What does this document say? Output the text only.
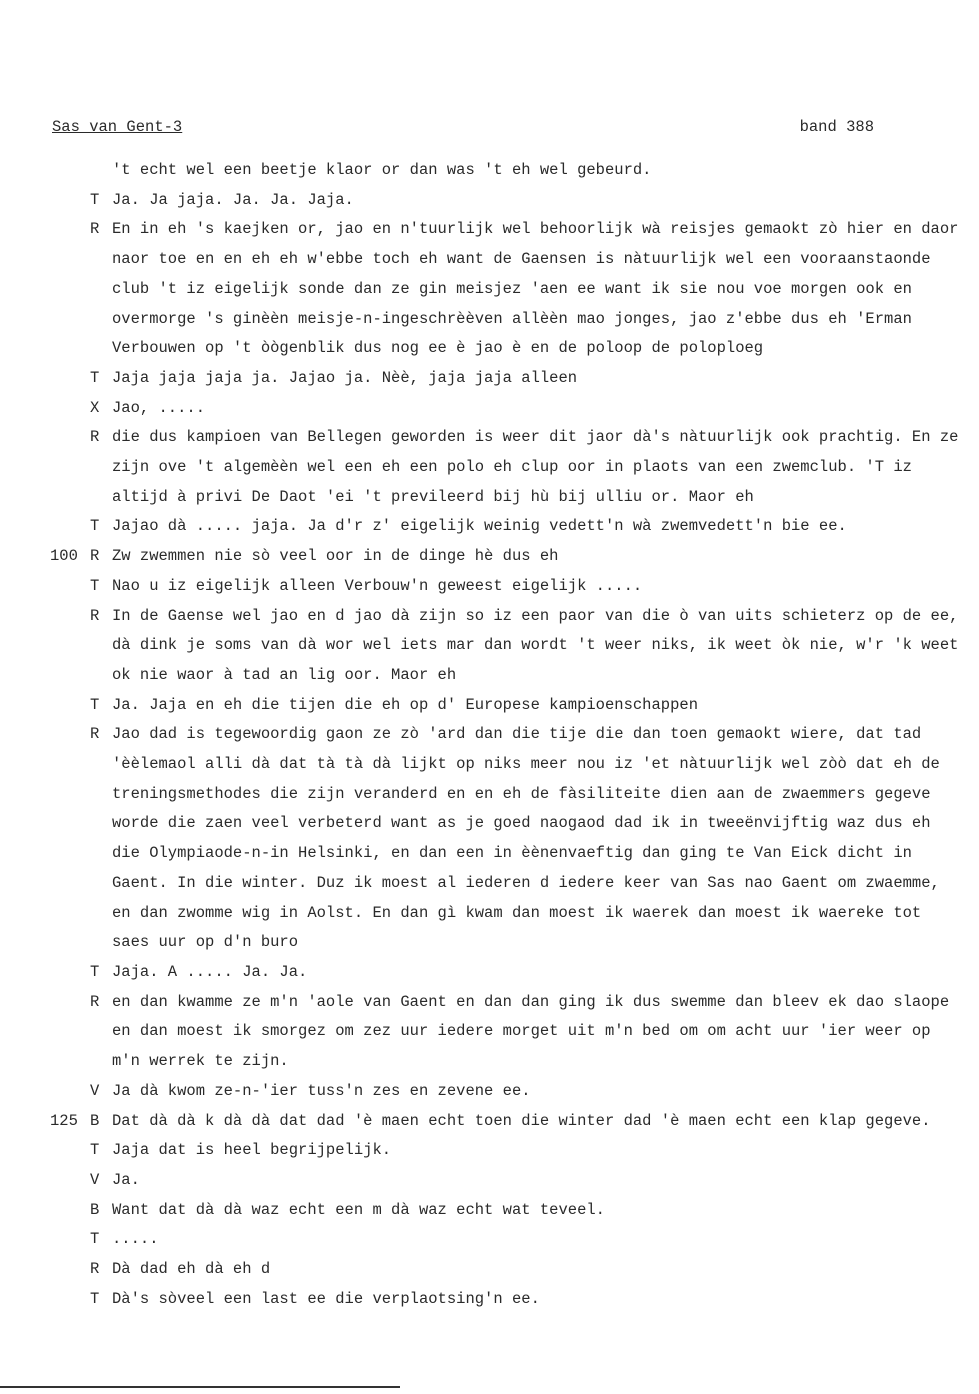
Sas van Gent-3	band 388
't echt wel een beetje klaor or dan was 't eh wel gebeurd.
T Ja. Ja jaja. Ja. Ja. Jaja.
R En in eh 's kaejken or, jao en n'tuurlijk wel behoorlijk wà reisjes gemaokt zò hier en daor naor toe en en eh eh w'ebbe toch eh want de Gaensen is nàtuurlijk wel een vooraanstaonde club 't iz eigelijk sonde dan ze gin meisjez 'aen ee want ik sie nou voe morgen ook en overmorge 's ginèèn meisje-n-ingeschrèèven allèèn mao jonges, jao z'ebbe dus eh 'Erman Verbouwen op 't òògenblik dus nog ee è jao è en de poloop de poloploeg
T Jaja jaja jaja ja. Jajao ja. Nèè, jaja jaja alleen
X Jao, .....
R die dus kampioen van Bellegen geworden is weer dit jaor dà's nàtuurlijk ook prachtig. En ze zijn ove 't algemèèn wel een eh een polo eh clup oor in plaots van een zwemclub. 'T iz altijd à privi De Daot 'ei 't previleerd bij hù bij ulliu or. Maor eh
T Jajao dà ..... jaja. Ja d'r z' eigelijk weinig vedett'n wà zwemvedett'n bie ee.
100 R Zw zwemmen nie sò veel oor in de dinge hè dus eh
T Nao u iz eigelijk alleen Verbouw'n geweest eigelijk .....
R In de Gaense wel jao en d jao dà zijn so iz een paor van die ò van uits schieterz op de ee, dà dink je soms van dà wor wel iets mar dan wordt 't weer niks, ik weet òk nie, w'r 'k weet ok nie waor à tad an lig oor. Maor eh
T Ja. Jaja en eh die tijen die eh op d' Europese kampioenschappen
R Jao dad is tegewoordig gaon ze zò 'ard dan die tije die dan toen gemaokt wiere, dat tad 'èèlemaol alli dà dat tà tà dà lijkt op niks meer nou iz 'et nàtuurlijk wel zòò dat eh de treningsmethodes die zijn veranderd en en eh de fàsiliteite dien aan de zwaemmers gegeve worde die zaen veel verbeterd want as je goed naogaod dad ik in tweeënvijftig waz dus eh die Olympiaode-n-in Helsinki, en dan een in èènenvaeftig dan ging te Van Eick dicht in Gaent. In die winter. Duz ik moest al iederen d iedere keer van Sas nao Gaent om zwaemme, en dan zwomme wig in Aolst. En dan gì kwam dan moest ik waerek dan moest ik waereke tot saes uur op d'n buro
T Jaja. A ..... Ja. Ja.
R en dan kwamme ze m'n 'aole van Gaent en dan dan ging ik dus swemme dan bleev ek dao slaope en dan moest ik smorgez om zez uur iedere morget uit m'n bed om om acht uur 'ier weer op m'n werrek te zijn.
V Ja dà kwom ze-n-'ier tuss'n zes en zevene ee.
125 B Dat dà dà k dà dà dat dad 'è maen echt toen die winter dad 'è maen echt een klap gegeve.
T Jaja dat is heel begrijpelijk.
V Ja.
B Want dat dà dà waz echt een m dà waz echt wat teveel.
T .....
R Dà dad eh dà eh d
T Dà's sòveel een last ee die verplaotsing'n ee.
